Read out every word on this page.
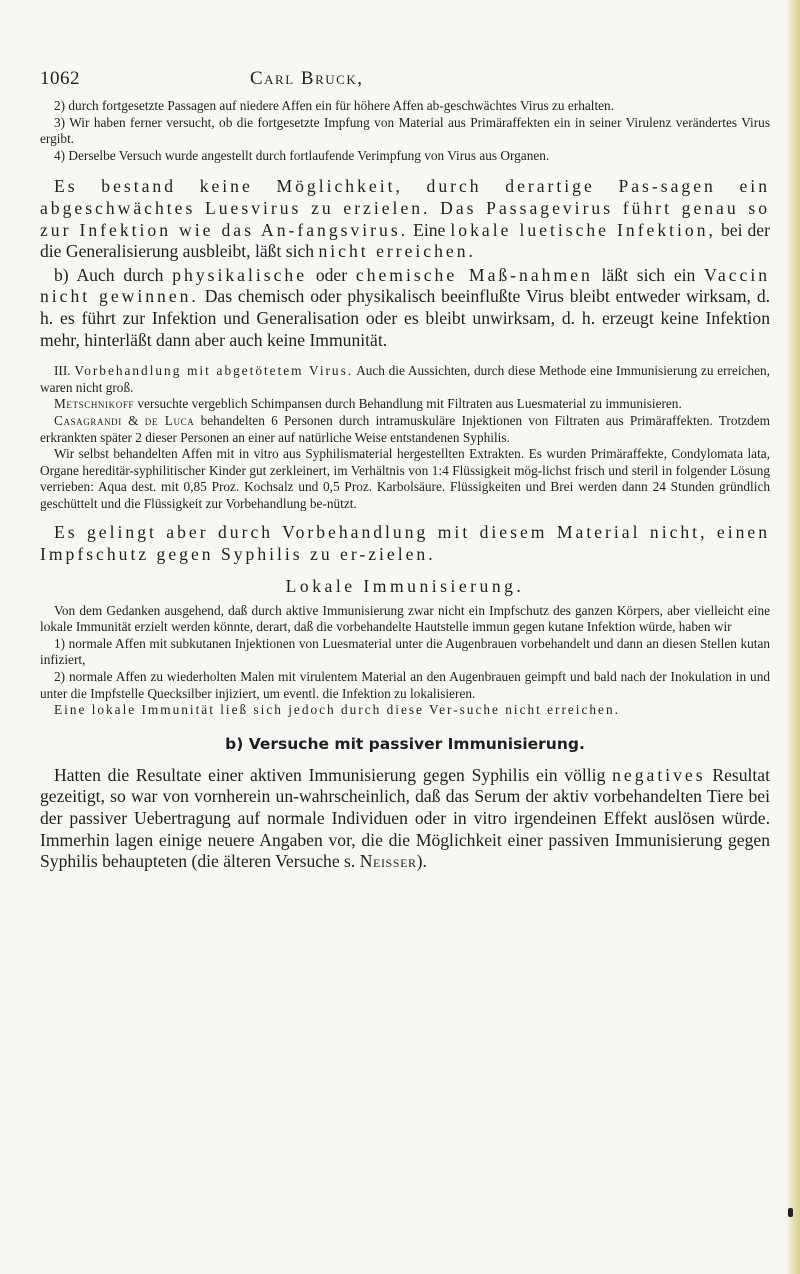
1062	Carl Bruck,

2) durch fortgesetzte Passagen auf niedere Affen ein für höhere Affen ab-geschwächtes Virus zu erhalten.

3) Wir haben ferner versucht, ob die fortgesetzte Impfung von Material aus Primäraffekten ein in seiner Virulenz verändertes Virus ergibt.

4) Derselbe Versuch wurde angestellt durch fortlaufende Verimpfung von Virus aus Organen.

Es bestand keine Möglichkeit, durch derartige Pas-sagen ein abgeschwächtes Luesvirus zu erzielen. Das Passagevirus führt genau so zur Infektion wie das An-fangsvirus. Eine lokale luetische Infektion, bei der die Generalisierung ausbleibt, läßt sich nicht erreichen.

b) Auch durch physikalische oder chemische Maß-nahmen läßt sich ein Vaccin nicht gewinnen. Das chemisch oder physikalisch beeinflußte Virus bleibt entweder wirksam, d. h. es führt zur Infektion und Generalisation oder es bleibt unwirksam, d. h. erzeugt keine Infektion mehr, hinterläßt dann aber auch keine Immunität.

III. Vorbehandlung mit abgetötetem Virus. Auch die Aussichten, durch diese Methode eine Immunisierung zu erreichen, waren nicht groß.

Metschnikoff versuchte vergeblich Schimpansen durch Behandlung mit Filtraten aus Luesmaterial zu immunisieren.

Casagrandi & de Luca behandelten 6 Personen durch intramuskuläre Injektionen von Filtraten aus Primäraffekten. Trotzdem erkrankten später 2 dieser Personen an einer auf natürliche Weise entstandenen Syphilis.

Wir selbst behandelten Affen mit in vitro aus Syphilismaterial hergestellten Extrakten. Es wurden Primäraffekte, Condylomata lata, Organe hereditär-syphilitischer Kinder gut zerkleinert, im Verhältnis von 1:4 Flüssigkeit mög-lichst frisch und steril in folgender Lösung verrieben: Aqua dest. mit 0,85 Proz. Kochsalz und 0,5 Proz. Karbolsäure. Flüssigkeiten und Brei werden dann 24 Stunden gründlich geschüttelt und die Flüssigkeit zur Vorbehandlung be-nützt.

Es gelingt aber durch Vorbehandlung mit diesem Material nicht, einen Impfschutz gegen Syphilis zu er-zielen.

Lokale Immunisierung.

Von dem Gedanken ausgehend, daß durch aktive Immunisierung zwar nicht ein Impfschutz des ganzen Körpers, aber vielleicht eine lokale Immunität erzielt werden könnte, derart, daß die vorbehandelte Hautstelle immun gegen kutane Infektion würde, haben wir

1) normale Affen mit subkutanen Injektionen von Luesmaterial unter die Augenbrauen vorbehandelt und dann an diesen Stellen kutan infiziert,

2) normale Affen zu wiederholten Malen mit virulentem Material an den Augenbrauen geimpft und bald nach der Inokulation in und unter die Impfstelle Quecksilber injiziert, um eventl. die Infektion zu lokalisieren.

Eine lokale Immunität ließ sich jedoch durch diese Ver-suche nicht erreichen.

b) Versuche mit passiver Immunisierung.

Hatten die Resultate einer aktiven Immunisierung gegen Syphilis ein völlig negatives Resultat gezeitigt, so war von vornherein un-wahrscheinlich, daß das Serum der aktiv vorbehandelten Tiere bei der passiver Uebertragung auf normale Individuen oder in vitro irgendeinen Effekt auslösen würde. Immerhin lagen einige neuere Angaben vor, die die Möglichkeit einer passiven Immunisierung gegen Syphilis behaupteten (die älteren Versuche s. Neisser).
